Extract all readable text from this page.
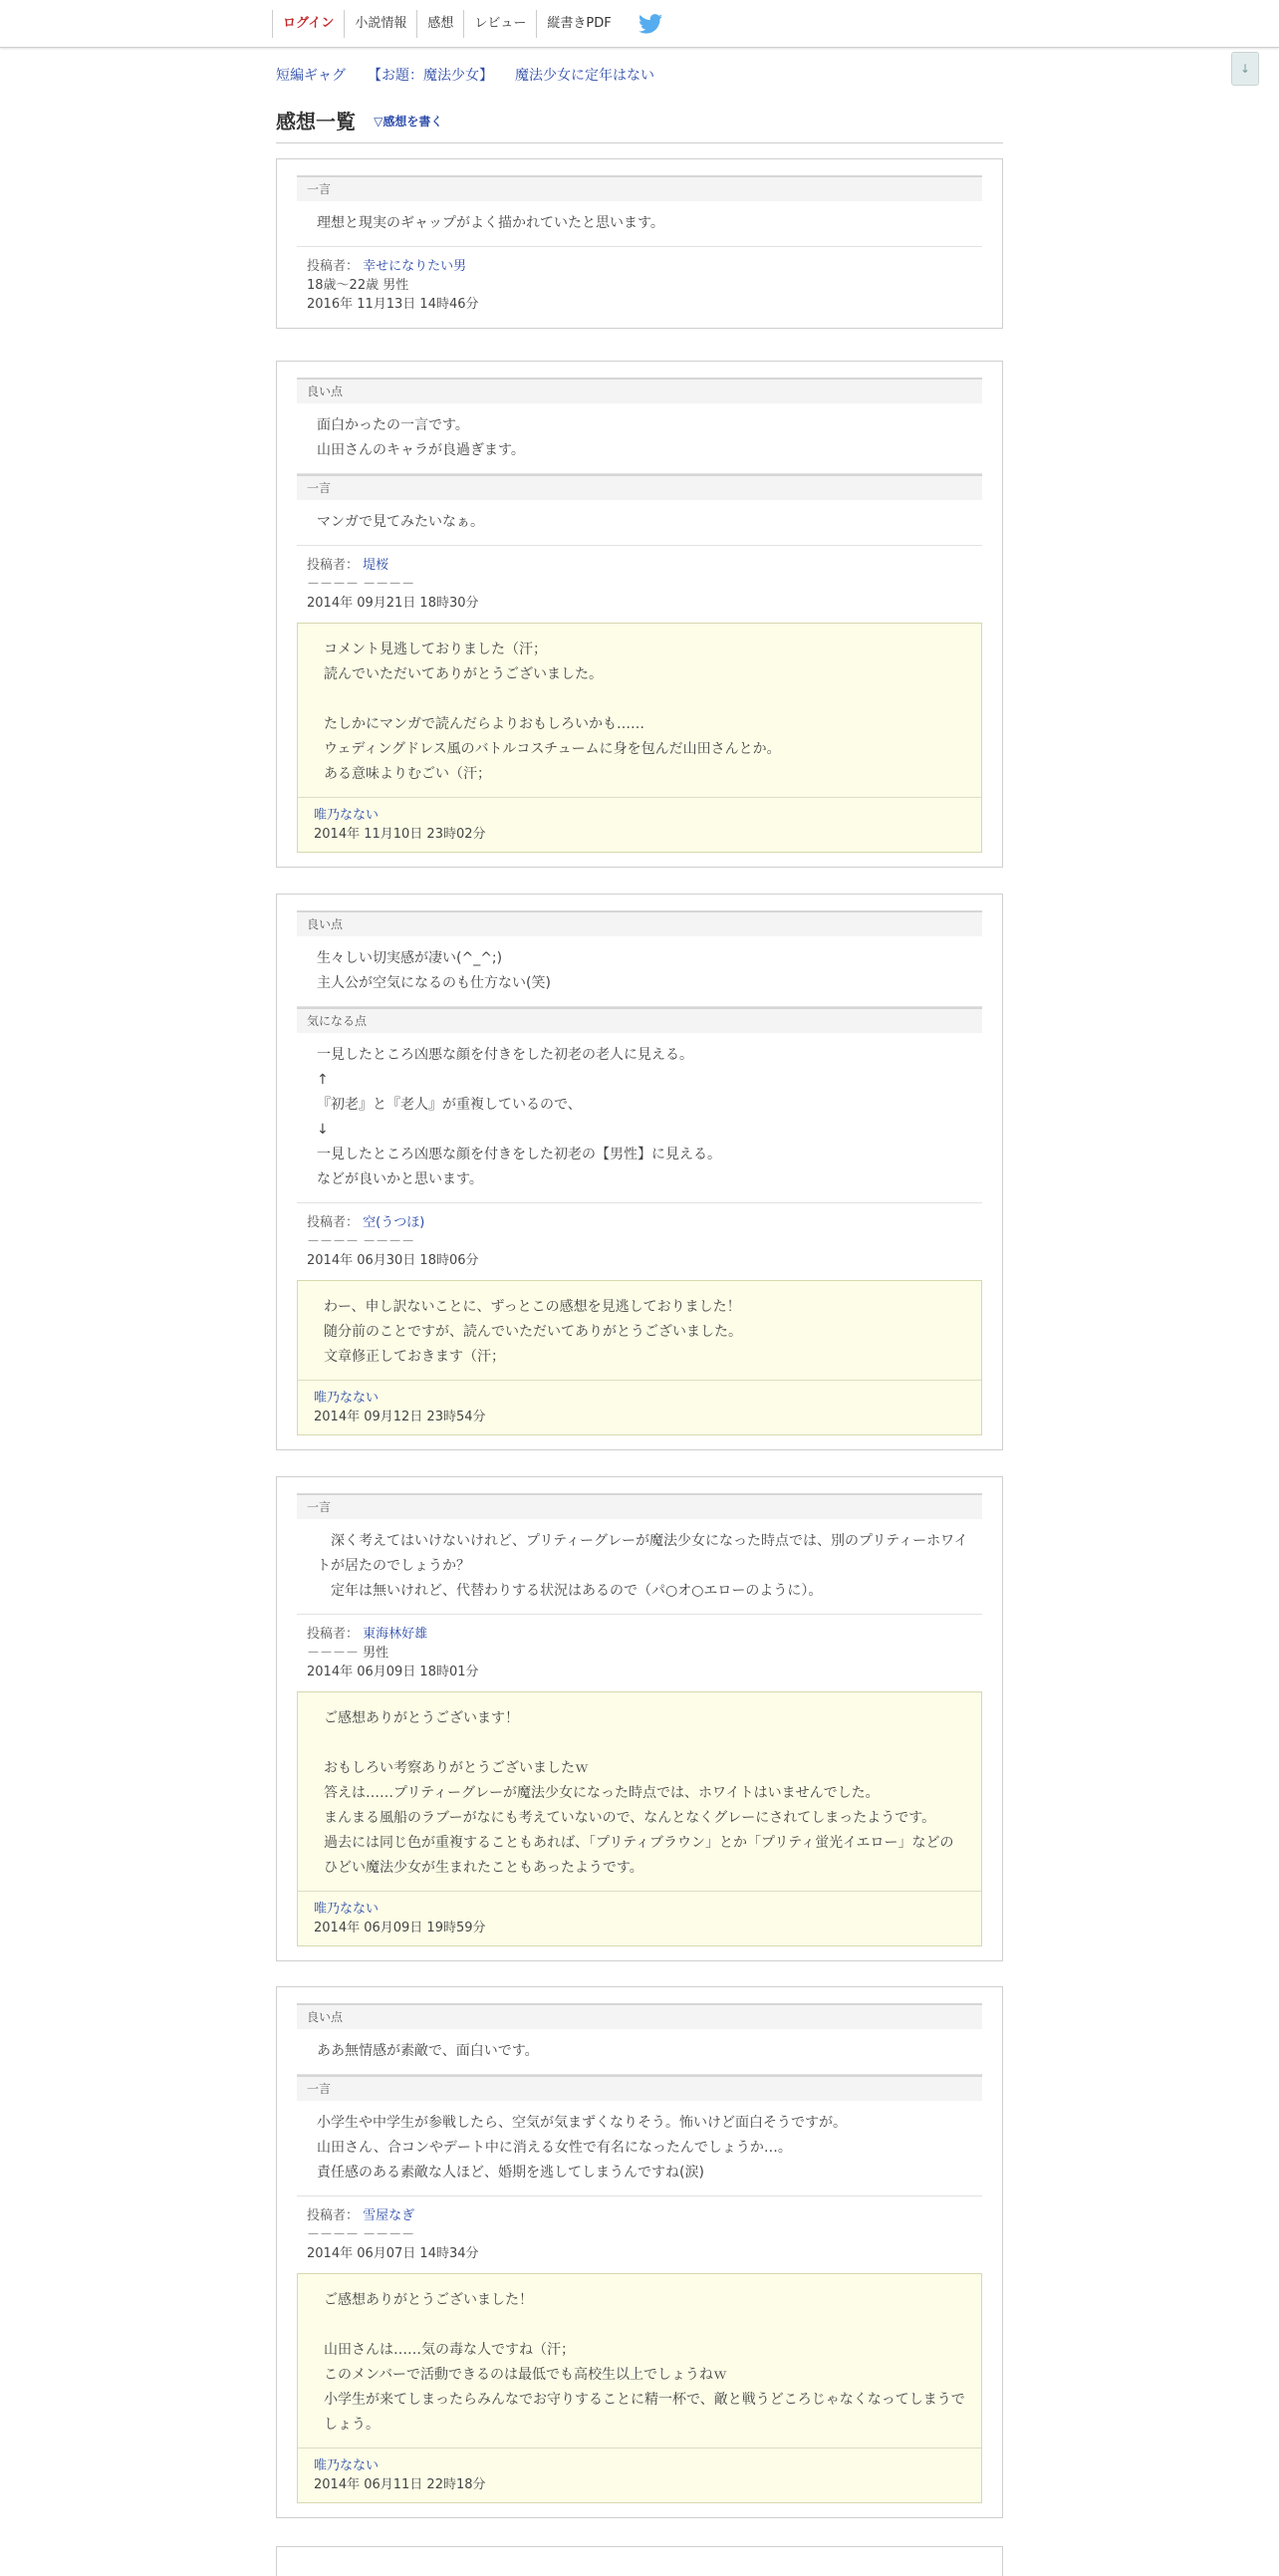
ログイン	小説情報	感想	レビュー	縦書きPDF
↓
短編ギャグ 【お題：魔法少女】 魔法少女に定年はない
感想一覧 ▽感想を書く
一言
理想と現実のギャップがよく描かれていたと思います。
投稿者： 幸せになりたい男
18歳～22歳 男性
2016年 11月13日 14時46分
良い点
面白かったの一言です。
山田さんのキャラが良過ぎます。
一言
マンガで見てみたいなぁ。
投稿者： 堤桜
－－－－ －－－－
2014年 09月21日 18時30分
コメント見逃しておりました（汗；
読んでいただいてありがとうございました。

たしかにマンガで読んだらよりおもしろいかも……
ウェディングドレス風のバトルコスチュームに身を包んだ山田さんとか。
ある意味よりむごい（汗；
唯乃なない
2014年 11月10日 23時02分
良い点
生々しい切実感が凄い(^_^;)
主人公が空気になるのも仕方ない(笑)
気になる点
一見したところ凶悪な顔を付きをした初老の老人に見える。
↑
『初老』と『老人』が重複しているので、
↓
一見したところ凶悪な顔を付きをした初老の【男性】に見える。
などが良いかと思います。
投稿者： 空(うつほ)
－－－－ －－－－
2014年 06月30日 18時06分
わー、申し訳ないことに、ずっとこの感想を見逃しておりました！
随分前のことですが、読んでいただいてありがとうございました。
文章修正しておきます（汗；
唯乃なない
2014年 09月12日 23時54分
一言
　深く考えてはいけないけれど、プリティーグレーが魔法少女になった時点では、別のプリティーホワイトが居たのでしょうか？
　定年は無いけれど、代替わりする状況はあるので（パ○オ○エローのように）。
投稿者： 東海林好雄
－－－－ 男性
2014年 06月09日 18時01分
ご感想ありがとうございます！

おもしろい考察ありがとうございましたｗ
答えは……プリティーグレーが魔法少女になった時点では、ホワイトはいませんでした。
まんまる風船のラブーがなにも考えていないので、なんとなくグレーにされてしまったようです。
過去には同じ色が重複することもあれば、「プリティブラウン」とか「プリティ蛍光イエロー」などのひどい魔法少女が生まれたこともあったようです。
唯乃なない
2014年 06月09日 19時59分
良い点
ああ無情感が素敵で、面白いです。
一言
小学生や中学生が参戦したら、空気が気まずくなりそう。怖いけど面白そうですが。
山田さん、合コンやデート中に消える女性で有名になったんでしょうか…。
責任感のある素敵な人ほど、婚期を逃してしまうんですね(涙)
投稿者： 雪屋なぎ
－－－－ －－－－
2014年 06月07日 14時34分
ご感想ありがとうございました！

山田さんは……気の毒な人ですね（汗；
このメンバーで活動できるのは最低でも高校生以上でしょうねｗ
小学生が来てしまったらみんなでお守りすることに精一杯で、敵と戦うどころじゃなくなってしまうでしょう。
唯乃なない
2014年 06月11日 22時18分
